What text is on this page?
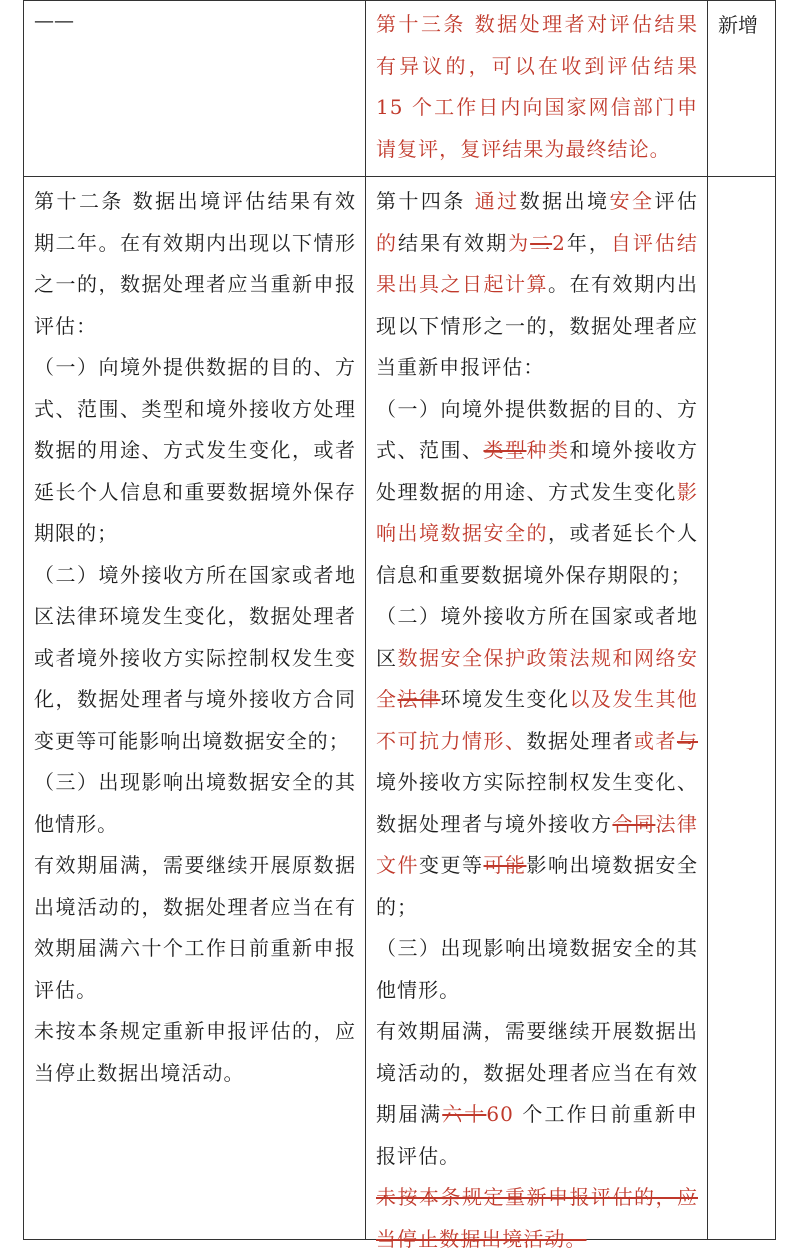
——	第十三条 数据处理者对评估结果有异议的，可以在收到评估结果 15 个工作日内向国家网信部门申请复评，复评结果为最终结论。

新增

第十二条 数据出境评估结果有效期二年。在有效期内出现以下情形之一的，数据处理者应当重新申报评估：

（一）向境外提供数据的目的、方式、范围、类型和境外接收方处理数据的用途、方式发生变化，或者延长个人信息和重要数据境外保存期限的；

（二）境外接收方所在国家或者地区法律环境发生变化，数据处理者或者境外接收方实际控制权发生变化，数据处理者与境外接收方合同变更等可能影响出境数据安全的；

（三）出现影响出境数据安全的其他情形。

有效期届满，需要继续开展原数据出境活动的，数据处理者应当在有效期届满六十个工作日前重新申报评估。

未按本条规定重新申报评估的，应当停止数据出境活动。

第十四条 通过数据出境安全评估的结果有效期为二2年，自评估结果出具之日起计算。在有效期内出现以下情形之一的，数据处理者应当重新申报评估：

（一）向境外提供数据的目的、方式、范围、类型种类和境外接收方处理数据的用途、方式发生变化影响出境数据安全的，或者延长个人信息和重要数据境外保存期限的；

（二）境外接收方所在国家或者地区数据安全保护政策法规和网络安全法律环境发生变化以及发生其他不可抗力情形、数据处理者或者与境外接收方实际控制权发生变化、数据处理者与境外接收方合同法律文件变更等可能影响出境数据安全的；

（三）出现影响出境数据安全的其他情形。

有效期届满，需要继续开展数据出境活动的，数据处理者应当在有效期届满六十60 个工作日前重新申报评估。

未按本条规定重新申报评估的，应当停止数据出境活动。
